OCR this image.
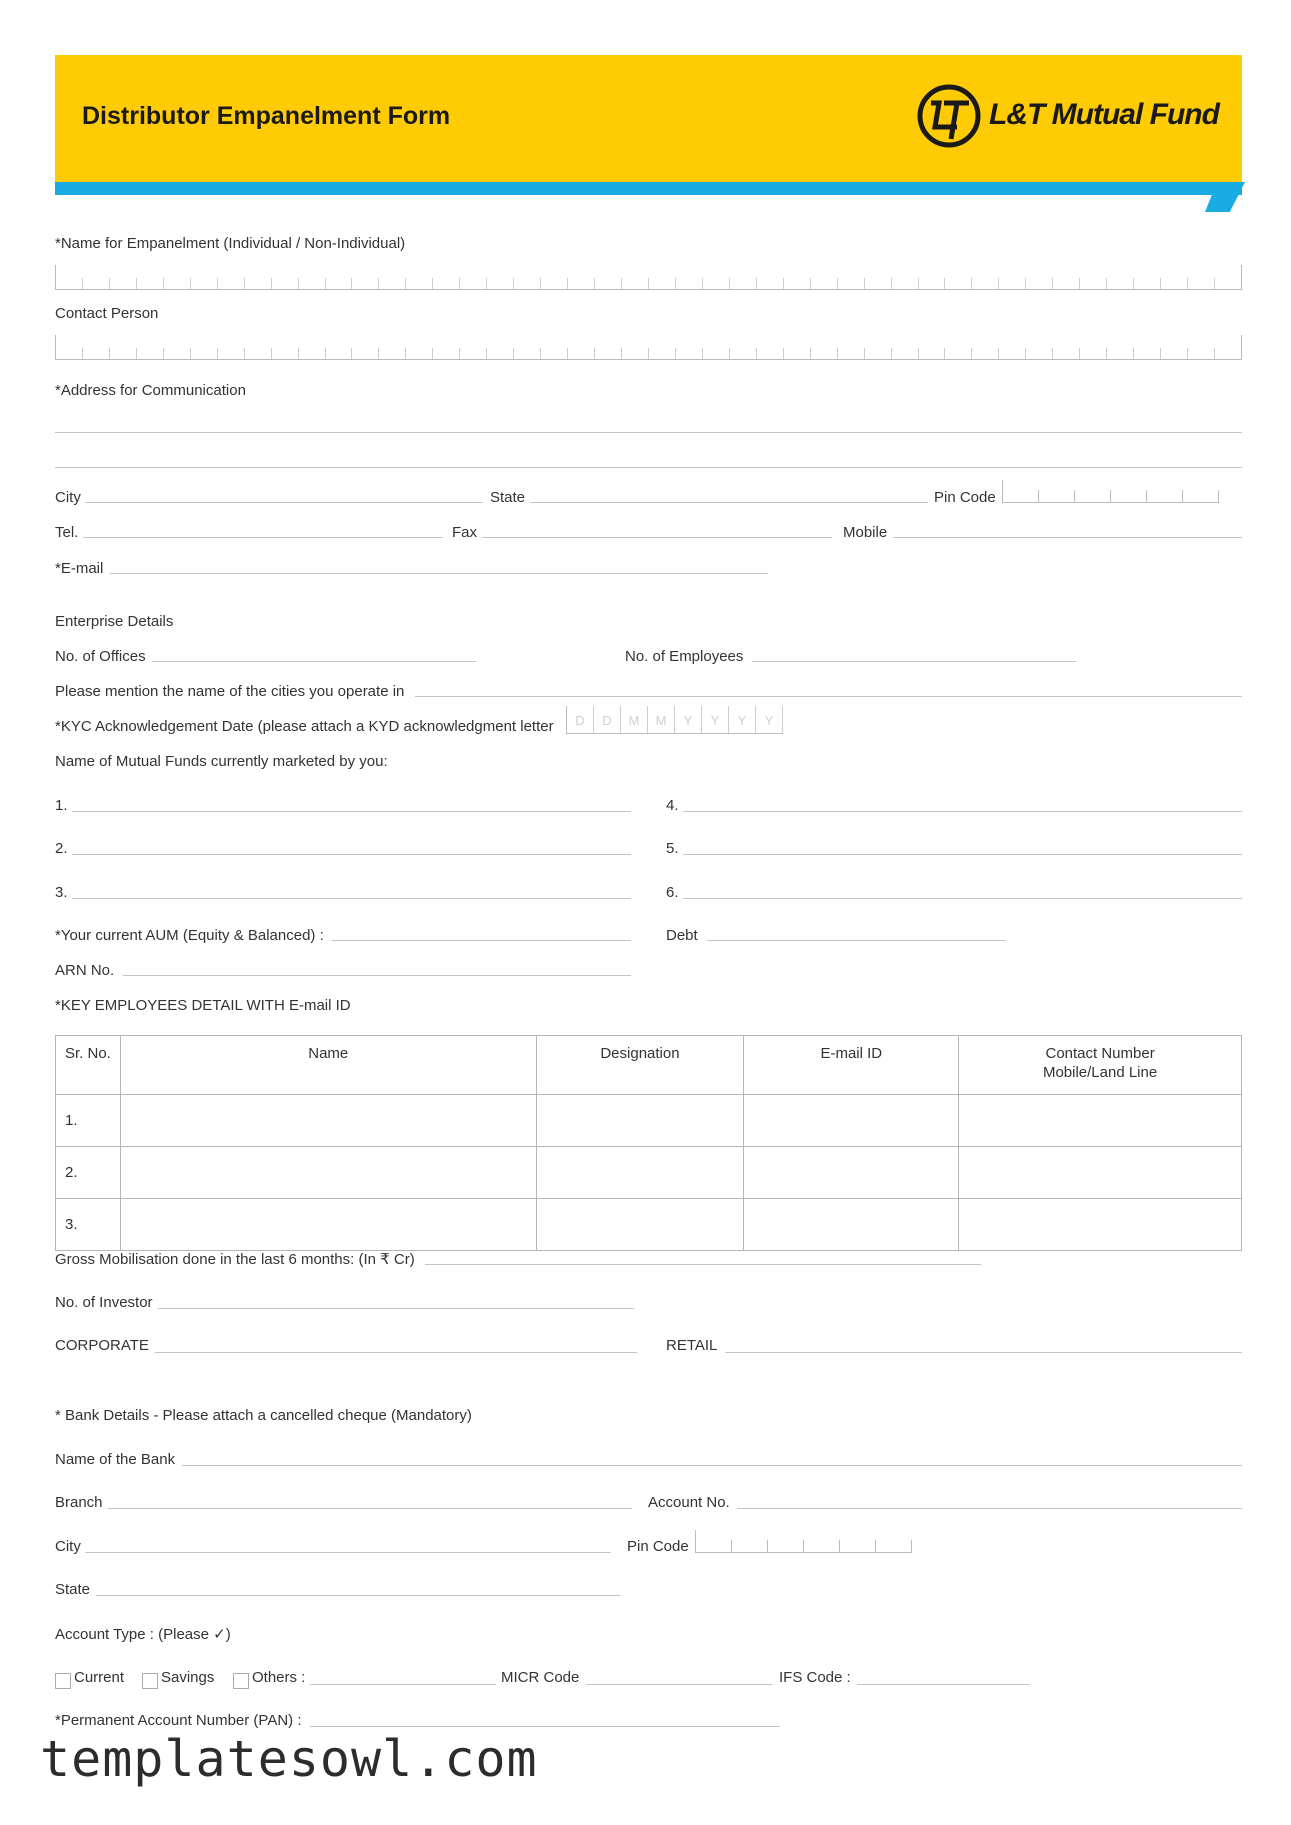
Distributor Empanelment Form	L&T Mutual Fund
*Name for Empanelment (Individual / Non-Individual)
Contact Person
*Address for Communication
City	State	Pin Code
Tel.	Fax	Mobile
*E-mail
Enterprise Details
No. of Offices	No. of Employees
Please mention the name of the cities you operate in
*KYC Acknowledgement Date (please attach a KYD acknowledgment letter	D	D	M	M	Y	Y	Y	Y
Name of Mutual Funds currently marketed by you:
1.
2.
3.
4.
5.
6.
*Your current AUM (Equity & Balanced) :	Debt
ARN No.
*KEY EMPLOYEES DETAIL WITH E-mail ID
Sr. No.	Name	Designation	E-mail ID	Contact Number
Mobile/Land Line

1.				
2.				
3.				
Gross Mobilisation done in the last 6 months: (In ₹ Cr)
No. of Investor
CORPORATE	RETAIL
* Bank Details - Please attach a cancelled cheque (Mandatory)
Name of the Bank
Branch	Account No.
City	Pin Code
State
Account Type : (Please ✓)
Current Savings	Others :	MICR Code	IFS Code :
*Permanent Account Number (PAN) :
templatesowl.com
